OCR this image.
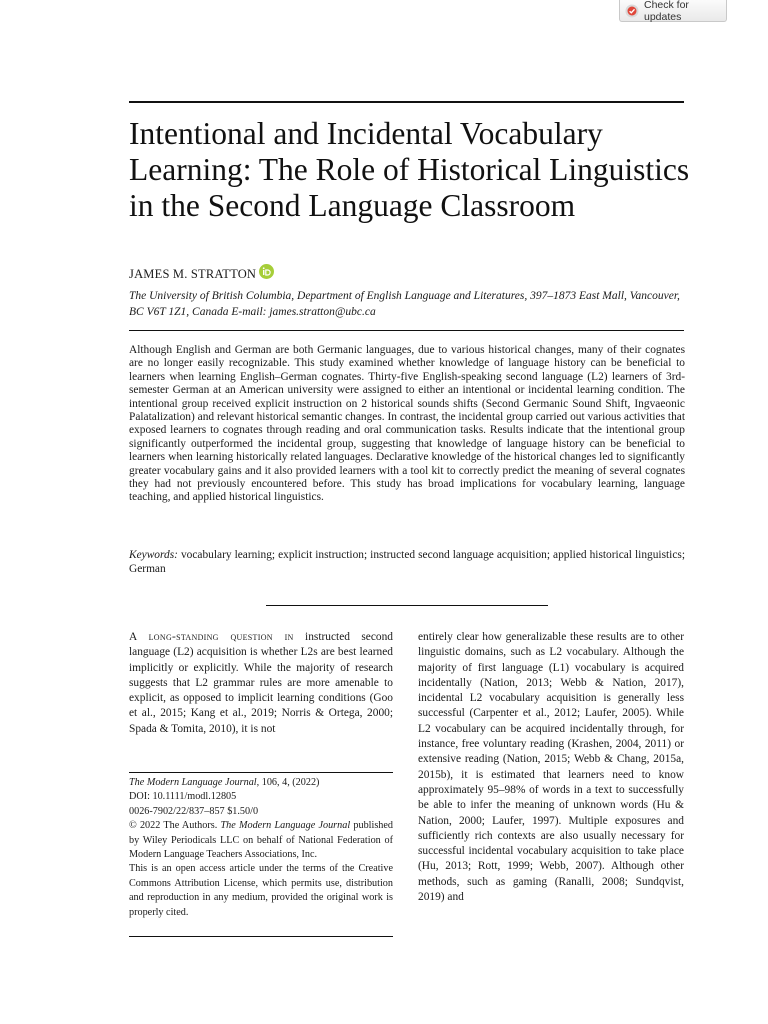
Check for updates
Intentional and Incidental Vocabulary Learning: The Role of Historical Linguistics in the Second Language Classroom
JAMES M. STRATTON

The University of British Columbia, Department of English Language and Literatures, 397–1873 East Mall, Vancouver, BC V6T 1Z1, Canada E-mail: james.stratton@ubc.ca

Although English and German are both Germanic languages, due to various historical changes, many of their cognates are no longer easily recognizable. This study examined whether knowledge of language history can be beneficial to learners when learning English–German cognates. Thirty-five English-speaking second language (L2) learners of 3rd-semester German at an American university were assigned to either an intentional or incidental learning condition. The intentional group received explicit instruction on 2 historical sounds shifts (Second Germanic Sound Shift, Ingvaeonic Palatalization) and relevant historical semantic changes. In contrast, the incidental group carried out various activities that exposed learners to cognates through reading and oral communication tasks. Results indicate that the intentional group significantly outperformed the incidental group, suggesting that knowledge of language history can be beneficial to learners when learning historically related languages. Declarative knowledge of the historical changes led to significantly greater vocabulary gains and it also provided learners with a tool kit to correctly predict the meaning of several cognates they had not previously encountered before. This study has broad implications for vocabulary learning, language teaching, and applied historical linguistics.

Keywords: vocabulary learning; explicit instruction; instructed second language acquisition; applied historical linguistics; German

A long-standing question in instructed second language (L2) acquisition is whether L2s are best learned implicitly or explicitly. While the majority of research suggests that L2 grammar rules are more amenable to explicit, as opposed to implicit learning conditions (Goo et al., 2015; Kang et al., 2019; Norris & Ortega, 2000; Spada & Tomita, 2010), it is not

The Modern Language Journal, 106, 4, (2022)

DOI: 10.1111/modl.12805

0026-7902/22/837–857 $1.50/0

© 2022 The Authors. The Modern Language Journal published by Wiley Periodicals LLC on behalf of National Federation of Modern Language Teachers Associations, Inc.

This is an open access article under the terms of the Creative Commons Attribution License, which permits use, distribution and reproduction in any medium, provided the original work is properly cited.

entirely clear how generalizable these results are to other linguistic domains, such as L2 vocabulary. Although the majority of first language (L1) vocabulary is acquired incidentally (Nation, 2013; Webb & Nation, 2017), incidental L2 vocabulary acquisition is generally less successful (Carpenter et al., 2012; Laufer, 2005). While L2 vocabulary can be acquired incidentally through, for instance, free voluntary reading (Krashen, 2004, 2011) or extensive reading (Nation, 2015; Webb & Chang, 2015a, 2015b), it is estimated that learners need to know approximately 95–98% of words in a text to successfully be able to infer the meaning of unknown words (Hu & Nation, 2000; Laufer, 1997). Multiple exposures and sufficiently rich contexts are also usually necessary for successful incidental vocabulary acquisition to take place (Hu, 2013; Rott, 1999; Webb, 2007). Although other methods, such as gaming (Ranalli, 2008; Sundqvist, 2019) and
